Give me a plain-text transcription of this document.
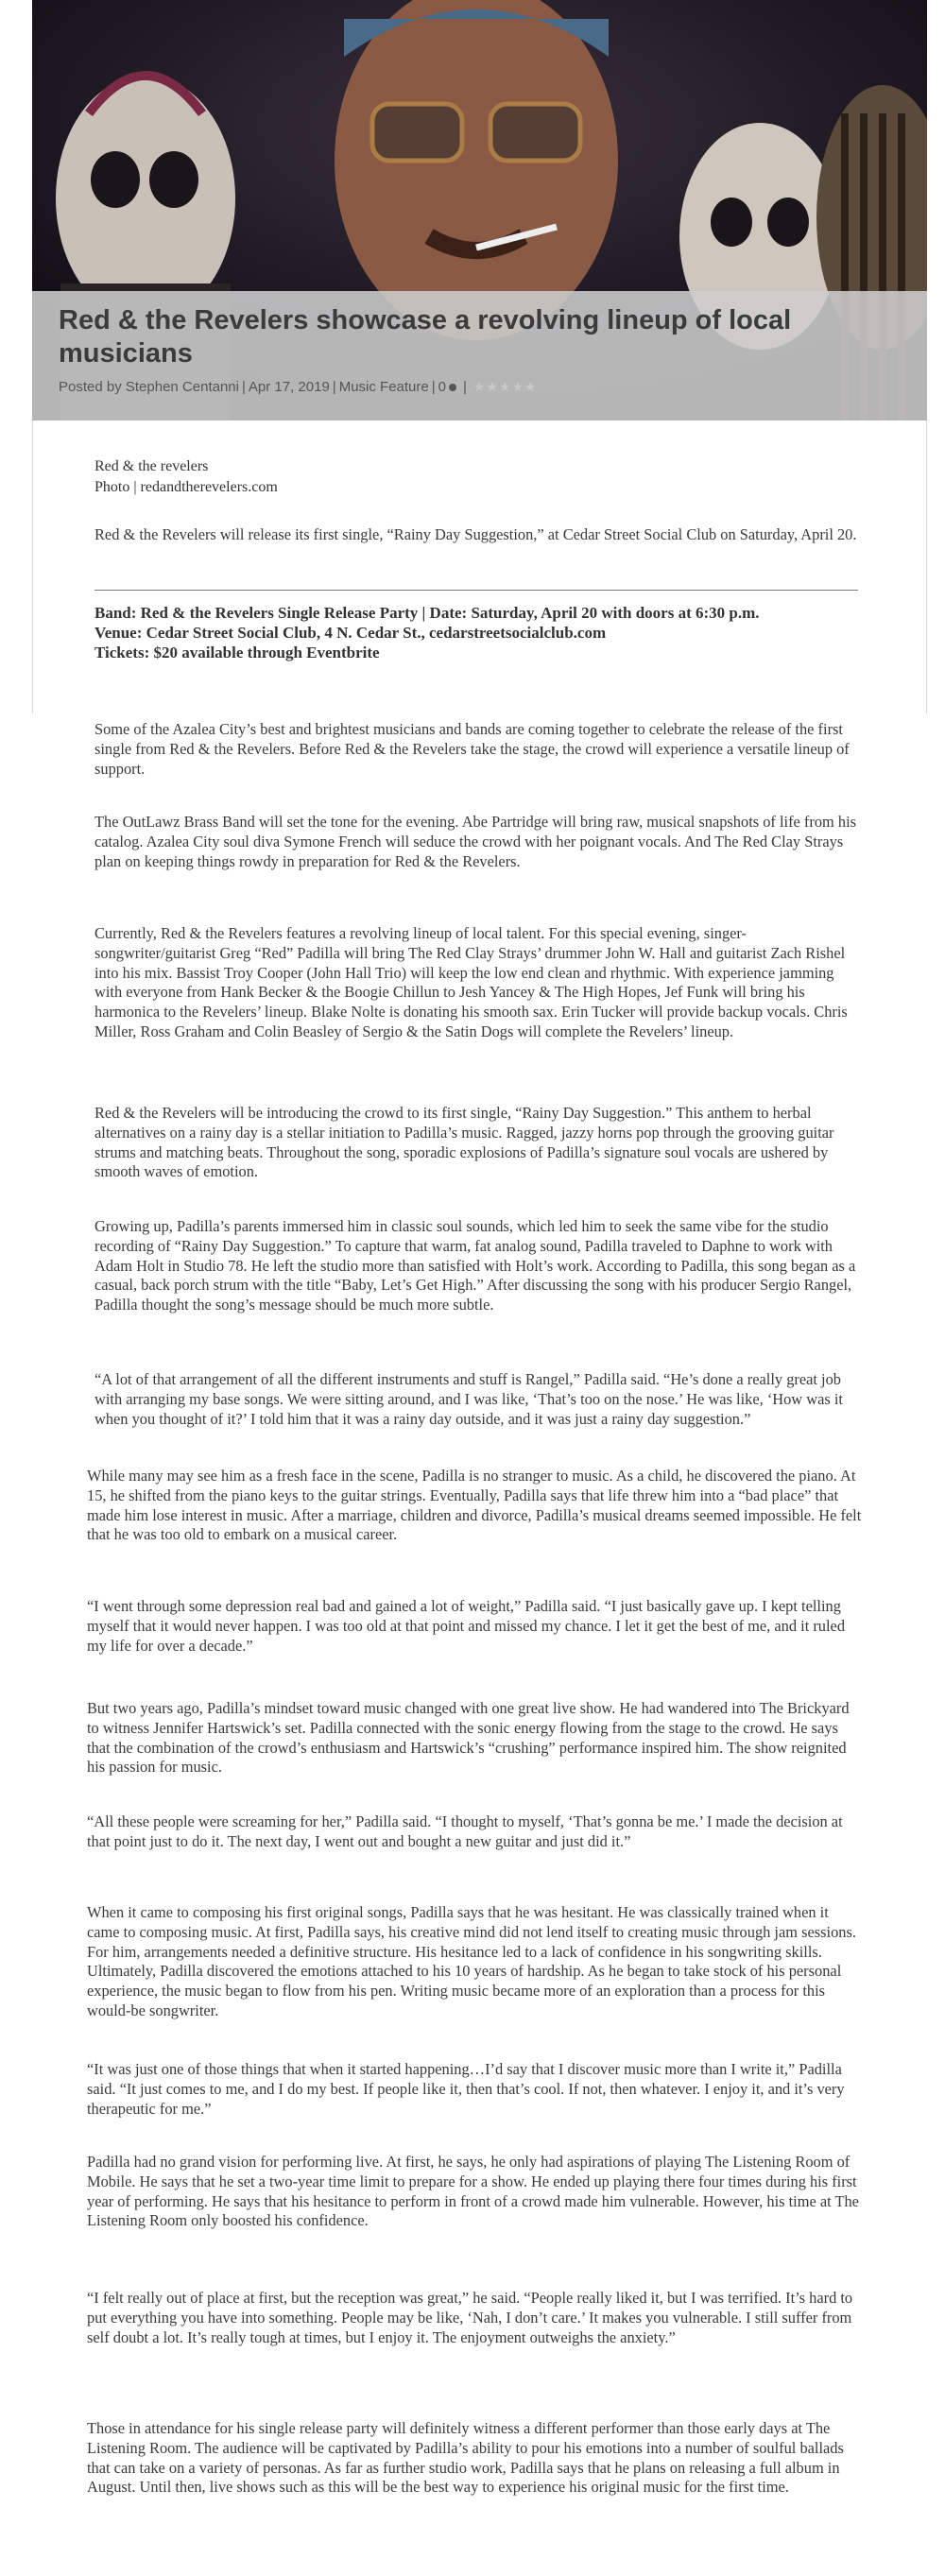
Red & the Revelers showcase a revolving lineup of local musicians
Posted by Stephen Centanni | Apr 17, 2019 | Music Feature | 0 | ★★★★★
Red & the revelers
Photo | redandtherevelers.com

Red & the Revelers will release its first single, “Rainy Day Suggestion,” at Cedar Street Social Club on Saturday, April 20.

Band: Red & the Revelers Single Release Party | Date: Saturday, April 20 with doors at 6:30 p.m.
Venue: Cedar Street Social Club, 4 N. Cedar St., cedarstreetsocialclub.com
Tickets: $20 available through Eventbrite

Some of the Azalea City’s best and brightest musicians and bands are coming together to celebrate the release of the first single from Red & the Revelers. Before Red & the Revelers take the stage, the crowd will experience a versatile lineup of support.

The OutLawz Brass Band will set the tone for the evening. Abe Partridge will bring raw, musical snapshots of life from his catalog. Azalea City soul diva Symone French will seduce the crowd with her poignant vocals. And The Red Clay Strays plan on keeping things rowdy in preparation for Red & the Revelers.

Currently, Red & the Revelers features a revolving lineup of local talent. For this special evening, singer-songwriter/guitarist Greg “Red” Padilla will bring The Red Clay Strays’ drummer John W. Hall and guitarist Zach Rishel into his mix. Bassist Troy Cooper (John Hall Trio) will keep the low end clean and rhythmic. With experience jamming with everyone from Hank Becker & the Boogie Chillun to Jesh Yancey & The High Hopes, Jef Funk will bring his harmonica to the Revelers’ lineup. Blake Nolte is donating his smooth sax. Erin Tucker will provide backup vocals. Chris Miller, Ross Graham and Colin Beasley of Sergio & the Satin Dogs will complete the Revelers’ lineup.

Red & the Revelers will be introducing the crowd to its first single, “Rainy Day Suggestion.” This anthem to herbal alternatives on a rainy day is a stellar initiation to Padilla’s music. Ragged, jazzy horns pop through the grooving guitar strums and matching beats. Throughout the song, sporadic explosions of Padilla’s signature soul vocals are ushered by smooth waves of emotion.

Growing up, Padilla’s parents immersed him in classic soul sounds, which led him to seek the same vibe for the studio recording of “Rainy Day Suggestion.” To capture that warm, fat analog sound, Padilla traveled to Daphne to work with Adam Holt in Studio 78. He left the studio more than satisfied with Holt’s work. According to Padilla, this song began as a casual, back porch strum with the title “Baby, Let’s Get High.” After discussing the song with his producer Sergio Rangel, Padilla thought the song’s message should be much more subtle.

“A lot of that arrangement of all the different instruments and stuff is Rangel,” Padilla said. “He’s done a really great job with arranging my base songs. We were sitting around, and I was like, ‘That’s too on the nose.’ He was like, ‘How was it when you thought of it?’ I told him that it was a rainy day outside, and it was just a rainy day suggestion.”

While many may see him as a fresh face in the scene, Padilla is no stranger to music. As a child, he discovered the piano. At 15, he shifted from the piano keys to the guitar strings. Eventually, Padilla says that life threw him into a “bad place” that made him lose interest in music. After a marriage, children and divorce, Padilla’s musical dreams seemed impossible. He felt that he was too old to embark on a musical career.

“I went through some depression real bad and gained a lot of weight,” Padilla said. “I just basically gave up. I kept telling myself that it would never happen. I was too old at that point and missed my chance. I let it get the best of me, and it ruled my life for over a decade.”

But two years ago, Padilla’s mindset toward music changed with one great live show. He had wandered into The Brickyard to witness Jennifer Hartswick’s set. Padilla connected with the sonic energy flowing from the stage to the crowd. He says that the combination of the crowd’s enthusiasm and Hartswick’s “crushing” performance inspired him. The show reignited his passion for music.

“All these people were screaming for her,” Padilla said. “I thought to myself, ‘That’s gonna be me.’ I made the decision at that point just to do it. The next day, I went out and bought a new guitar and just did it.”

When it came to composing his first original songs, Padilla says that he was hesitant. He was classically trained when it came to composing music. At first, Padilla says, his creative mind did not lend itself to creating music through jam sessions. For him, arrangements needed a definitive structure. His hesitance led to a lack of confidence in his songwriting skills. Ultimately, Padilla discovered the emotions attached to his 10 years of hardship. As he began to take stock of his personal experience, the music began to flow from his pen. Writing music became more of an exploration than a process for this would-be songwriter.

“It was just one of those things that when it started happening…I’d say that I discover music more than I write it,” Padilla said. “It just comes to me, and I do my best. If people like it, then that’s cool. If not, then whatever. I enjoy it, and it’s very therapeutic for me.”

Padilla had no grand vision for performing live. At first, he says, he only had aspirations of playing The Listening Room of Mobile. He says that he set a two-year time limit to prepare for a show. He ended up playing there four times during his first year of performing. He says that his hesitance to perform in front of a crowd made him vulnerable. However, his time at The Listening Room only boosted his confidence.

“I felt really out of place at first, but the reception was great,” he said. “People really liked it, but I was terrified. It’s hard to put everything you have into something. People may be like, ‘Nah, I don’t care.’ It makes you vulnerable. I still suffer from self doubt a lot. It’s really tough at times, but I enjoy it. The enjoyment outweighs the anxiety.”

Those in attendance for his single release party will definitely witness a different performer than those early days at The Listening Room. The audience will be captivated by Padilla’s ability to pour his emotions into a number of soulful ballads that can take on a variety of personas. As far as further studio work, Padilla says that he plans on releasing a full album in August. Until then, live shows such as this will be the best way to experience his original music for the first time.
